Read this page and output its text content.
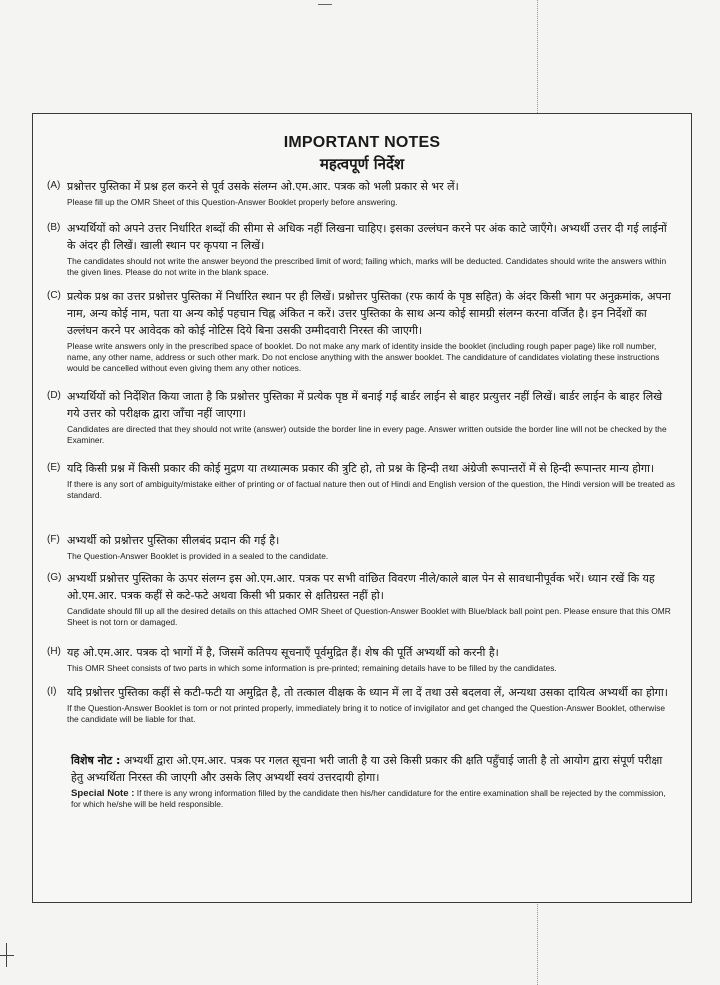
IMPORTANT NOTES
महत्वपूर्ण निर्देश
(A) प्रश्नोत्तर पुस्तिका में प्रश्न हल करने से पूर्व उसके संलग्न ओ.एम.आर. पत्रक को भली प्रकार से भर लें।
Please fill up the OMR Sheet of this Question-Answer Booklet properly before answering.
(B) अभ्यर्थियों को अपने उत्तर निर्धारित शब्दों की सीमा से अधिक नहीं लिखना चाहिए। इसका उल्लंघन करने पर अंक काटे जाएँगे। अभ्यर्थी उत्तर दी गई लाईनों के अंदर ही लिखें। खाली स्थान पर कृपया न लिखें।
The candidates should not write the answer beyond the prescribed limit of word; failing which, marks will be deducted. Candidates should write the answers within the given lines. Please do not write in the blank space.
(C) प्रत्येक प्रश्न का उत्तर प्रश्नोत्तर पुस्तिका में निर्धारित स्थान पर ही लिखें। प्रश्नोत्तर पुस्तिका (रफ कार्य के पृष्ठ सहित) के अंदर किसी भाग पर अनुक्रमांक, अपना नाम, अन्य कोई नाम, पता या अन्य कोई पहचान चिह्न अंकित न करें। उत्तर पुस्तिका के साथ अन्य कोई सामग्री संलग्न करना वर्जित है। इन निर्देशों का उल्लंघन करने पर आवेदक को कोई नोटिस दिये बिना उसकी उम्मीदवारी निरस्त की जाएगी।
Please write answers only in the prescribed space of booklet. Do not make any mark of identity inside the booklet (including rough paper page) like roll number, name, any other name, address or such other mark. Do not enclose anything with the answer booklet. The candidature of candidates violating these instructions would be cancelled without even giving them any other notices.
(D) अभ्यर्थियों को निर्देशित किया जाता है कि प्रश्नोत्तर पुस्तिका में प्रत्येक पृष्ठ में बनाई गई बार्डर लाईन से बाहर प्रत्युत्तर नहीं लिखें। बार्डर लाईन के बाहर लिखे गये उत्तर को परीक्षक द्वारा जाँचा नहीं जाएगा।
Candidates are directed that they should not write (answer) outside the border line in every page. Answer written outside the border line will not be checked by the Examiner.
(E) यदि किसी प्रश्न में किसी प्रकार की कोई मुद्रण या तथ्यात्मक प्रकार की त्रुटि हो, तो प्रश्न के हिन्दी तथा अंग्रेजी रूपान्तरों में से हिन्दी रूपान्तर मान्य होगा।
If there is any sort of ambiguity/mistake either of printing or of factual nature then out of Hindi and English version of the question, the Hindi version will be treated as standard.
(F) अभ्यर्थी को प्रश्नोत्तर पुस्तिका सीलबंद प्रदान की गई है।
The Question-Answer Booklet is provided in a sealed to the candidate.
(G) अभ्यर्थी प्रश्नोत्तर पुस्तिका के ऊपर संलग्न इस ओ.एम.आर. पत्रक पर सभी वांछित विवरण नीले/काले बाल पेन से सावधानीपूर्वक भरें। ध्यान रखें कि यह ओ.एम.आर. पत्रक कहीं से कटे-फटे अथवा किसी भी प्रकार से क्षतिग्रस्त नहीं हो।
Candidate should fill up all the desired details on this attached OMR Sheet of Question-Answer Booklet with Blue/black ball point pen. Please ensure that this OMR Sheet is not torn or damaged.
(H) यह ओ.एम.आर. पत्रक दो भागों में है, जिसमें कतिपय सूचनाएँ पूर्वमुद्रित हैं। शेष की पूर्ति अभ्यर्थी को करनी है।
This OMR Sheet consists of two parts in which some information is pre-printed; remaining details have to be filled by the candidates.
(I) यदि प्रश्नोत्तर पुस्तिका कहीं से कटी-फटी या अमुद्रित है, तो तत्काल वीक्षक के ध्यान में ला दें तथा उसे बदलवा लें, अन्यथा उसका दायित्व अभ्यर्थी का होगा।
If the Question-Answer Booklet is torn or not printed properly, immediately bring it to notice of invigilator and get changed the Question-Answer Booklet, otherwise the candidate will be liable for that.
विशेष नोट : अभ्यर्थी द्वारा ओ.एम.आर. पत्रक पर गलत सूचना भरी जाती है या उसे किसी प्रकार की क्षति पहुँचाई जाती है तो आयोग द्वारा संपूर्ण परीक्षा हेतु अभ्यर्थिता निरस्त की जाएगी और उसके लिए अभ्यर्थी स्वयं उत्तरदायी होगा।
Special Note : If there is any wrong information filled by the candidate then his/her candidature for the entire examination shall be rejected by the commission, for which he/she will be held responsible.
